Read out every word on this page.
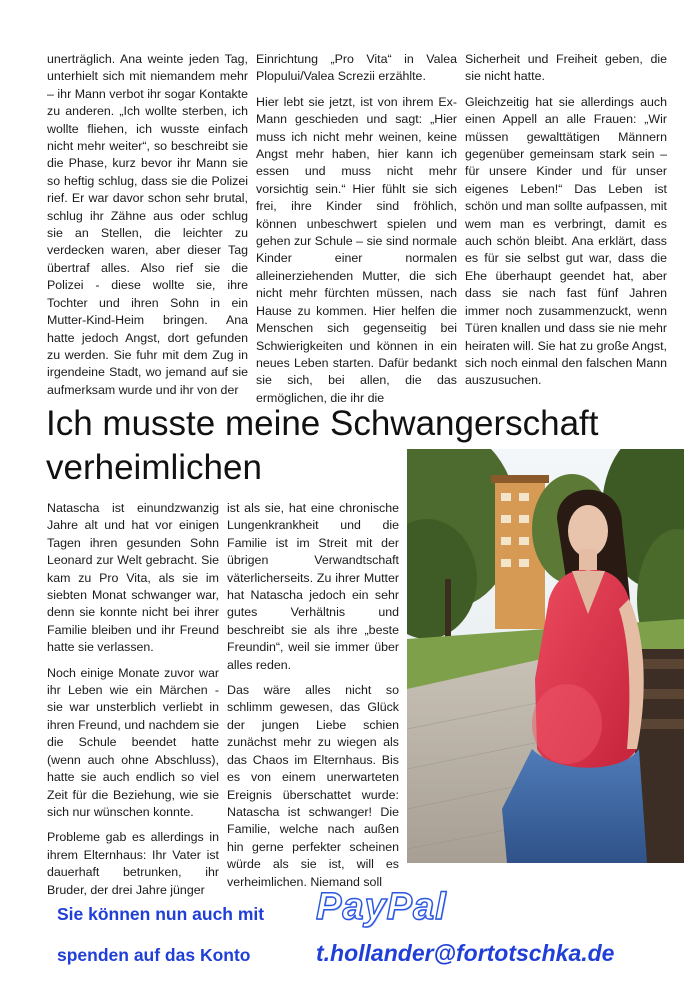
unerträglich. Ana weinte jeden Tag, unterhielt sich mit niemandem mehr – ihr Mann verbot ihr sogar Kontakte zu anderen. „Ich wollte sterben, ich wollte fliehen, ich wusste einfach nicht mehr weiter“, so beschreibt sie die Phase, kurz bevor ihr Mann sie so heftig schlug, dass sie die Polizei rief. Er war davor schon sehr brutal, schlug ihr Zähne aus oder schlug sie an Stellen, die leichter zu verdecken waren, aber dieser Tag übertraf alles. Also rief sie die Polizei - diese wollte sie, ihre Tochter und ihren Sohn in ein Mutter-Kind-Heim bringen. Ana hatte jedoch Angst, dort gefunden zu werden. Sie fuhr mit dem Zug in irgendeine Stadt, wo jemand auf sie aufmerksam wurde und ihr von der

Einrichtung „Pro Vita“ in Valea Plopului/Valea Screzii erzählte.

Hier lebt sie jetzt, ist von ihrem Ex-Mann geschieden und sagt: „Hier muss ich nicht mehr weinen, keine Angst mehr haben, hier kann ich essen und muss nicht mehr vorsichtig sein.“ Hier fühlt sie sich frei, ihre Kinder sind fröhlich, können unbeschwert spielen und gehen zur Schule – sie sind normale Kinder einer normalen alleinerziehenden Mutter, die sich nicht mehr fürchten müssen, nach Hause zu kommen. Hier helfen die Menschen sich gegenseitig bei Schwierigkeiten und können in ein neues Leben starten. Dafür bedankt sie sich, bei allen, die das ermöglichen, die ihr die

Sicherheit und Freiheit geben, die sie nicht hatte.

Gleichzeitig hat sie allerdings auch einen Appell an alle Frauen: „Wir müssen gewalttätigen Männern gegenüber gemeinsam stark sein – für unsere Kinder und für unser eigenes Leben!“ Das Leben ist schön und man sollte aufpassen, mit wem man es verbringt, damit es auch schön bleibt. Ana erklärt, dass es für sie selbst gut war, dass die Ehe überhaupt geendet hat, aber dass sie nach fast fünf Jahren immer noch zusammenzuckt, wenn Türen knallen und dass sie nie mehr heiraten will. Sie hat zu große Angst, sich noch einmal den falschen Mann auszusuchen.

Ich musste meine Schwangerschaft verheimlichen

Natascha ist einundzwanzig Jahre alt und hat vor einigen Tagen ihren gesunden Sohn Leonard zur Welt gebracht. Sie kam zu Pro Vita, als sie im siebten Monat schwanger war, denn sie konnte nicht bei ihrer Familie bleiben und ihr Freund hatte sie verlassen.

Noch einige Monate zuvor war ihr Leben wie ein Märchen - sie war unsterblich verliebt in ihren Freund, und nachdem sie die Schule beendet hatte (wenn auch ohne Abschluss), hatte sie auch endlich so viel Zeit für die Beziehung, wie sie sich nur wünschen konnte.

Probleme gab es allerdings in ihrem Elternhaus: Ihr Vater ist dauerhaft betrunken, ihr Bruder, der drei Jahre jünger

ist als sie, hat eine chronische Lungenkrankheit und die Familie ist im Streit mit der übrigen Verwandtschaft väterlicherseits. Zu ihrer Mutter hat Natascha jedoch ein sehr gutes Verhältnis und beschreibt sie als ihre „beste Freundin“, weil sie immer über alles reden.

Das wäre alles nicht so schlimm gewesen, das Glück der jungen Liebe schien zunächst mehr zu wiegen als das Chaos im Elternhaus. Bis es von einem unerwarteten Ereignis überschattet wurde: Natascha ist schwanger! Die Familie, welche nach außen hin gerne perfekter scheinen würde als sie ist, will es verheimlichen. Niemand soll

Sie können nun auch mit PayPal
spenden auf das Konto	t.hollander@fortotschka.de
